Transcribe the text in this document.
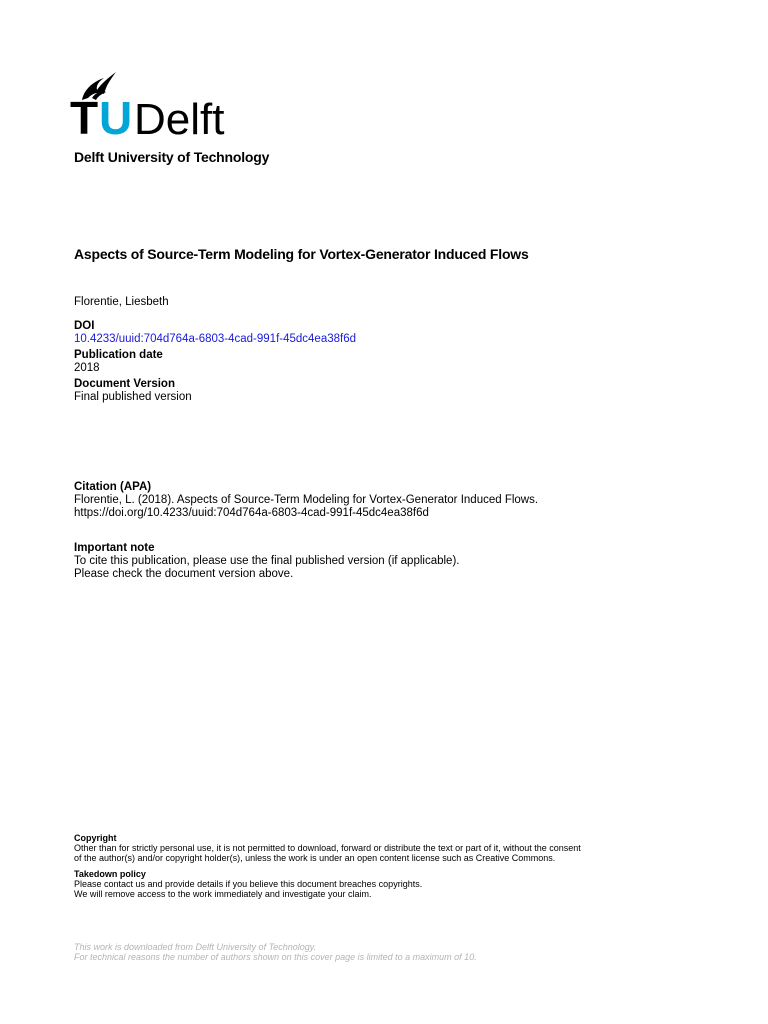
T U Delft
Delft University of Technology
Aspects of Source-Term Modeling for Vortex-Generator Induced Flows
Florentie, Liesbeth
DOI
10.4233/uuid:704d764a-6803-4cad-991f-45dc4ea38f6d
Publication date
2018
Document Version
Final published version
Citation (APA)
Florentie, L. (2018). Aspects of Source-Term Modeling for Vortex-Generator Induced Flows.
https://doi.org/10.4233/uuid:704d764a-6803-4cad-991f-45dc4ea38f6d
Important note
To cite this publication, please use the final published version (if applicable).
Please check the document version above.
Copyright
Other than for strictly personal use, it is not permitted to download, forward or distribute the text or part of it, without the consent
of the author(s) and/or copyright holder(s), unless the work is under an open content license such as Creative Commons.
Takedown policy
Please contact us and provide details if you believe this document breaches copyrights.
We will remove access to the work immediately and investigate your claim.
This work is downloaded from Delft University of Technology.
For technical reasons the number of authors shown on this cover page is limited to a maximum of 10.
